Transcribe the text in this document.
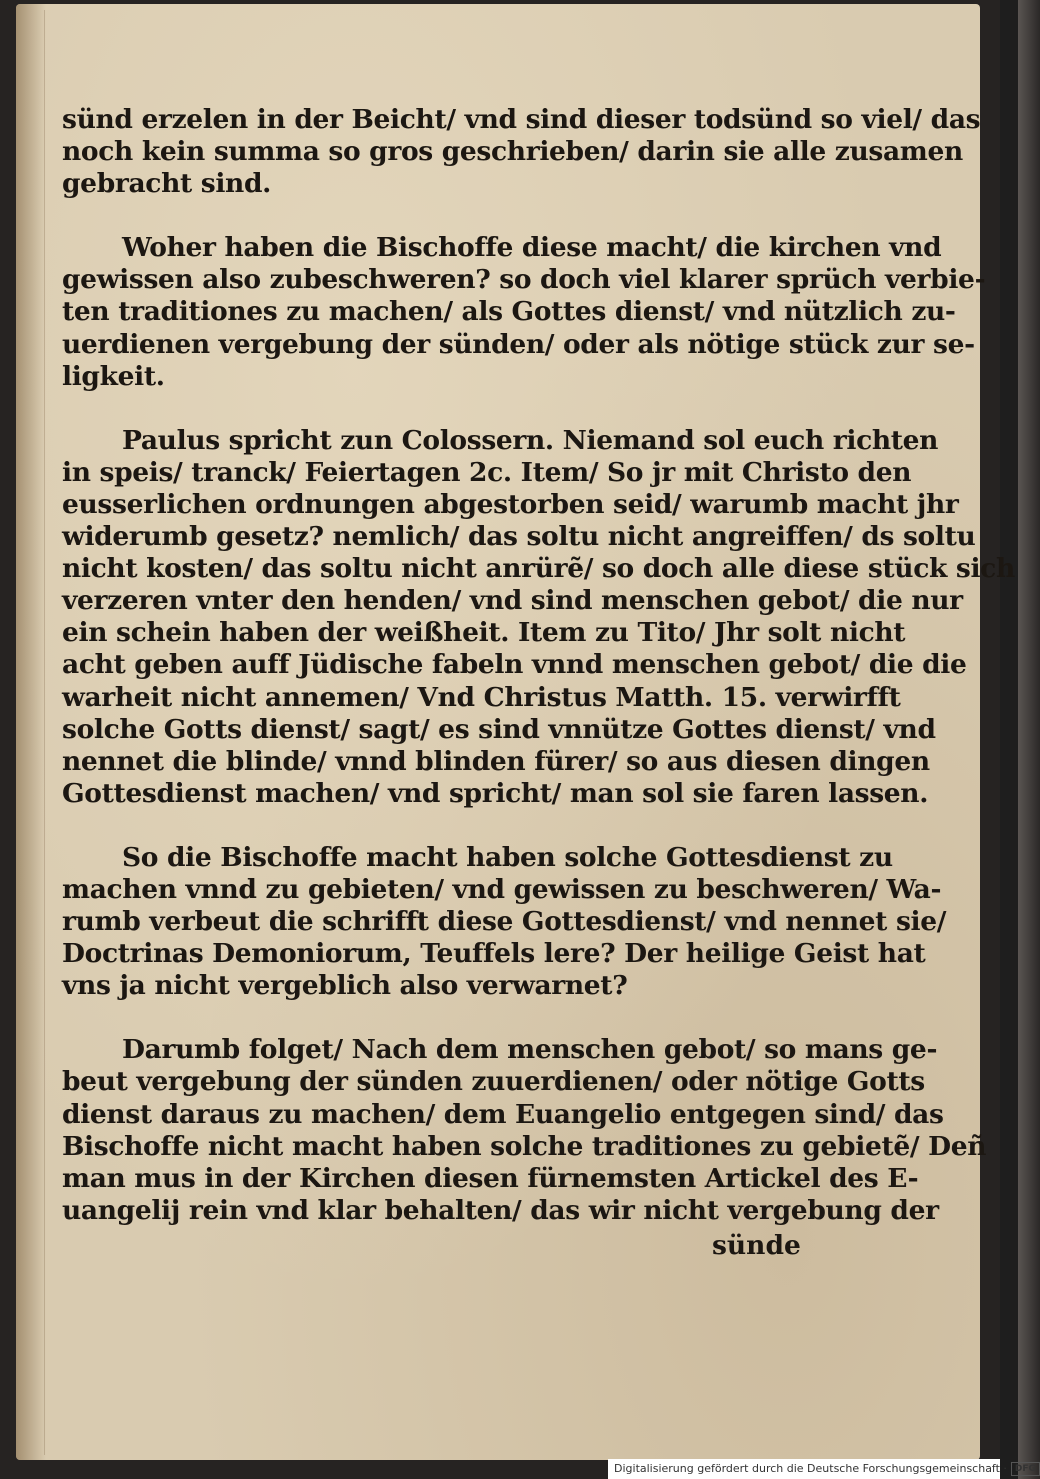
sünd erzelen in der Beicht/ vnd sind dieser todsünd so viel/ das
noch kein summa so gros geschrieben/ darin sie alle zusamen
gebracht sind.
Woher haben die Bischoffe diese macht/ die kirchen vnd
gewissen also zubeschweren? so doch viel klarer sprüch verbie-
ten traditiones zu machen/ als Gottes dienst/ vnd nützlich zu-
uerdienen vergebung der sünden/ oder als nötige stück zur se-
ligkeit.
Paulus spricht zun Colossern. Niemand sol euch richten
in speis/ tranck/ Feiertagen 2c. Item/ So jr mit Christo den
eusserlichen ordnungen abgestorben seid/ warumb macht jhr
widerumb gesetz? nemlich/ das soltu nicht angreiffen/ ds soltu
nicht kosten/ das soltu nicht anrürẽ/ so doch alle diese stück sich
verzeren vnter den henden/ vnd sind menschen gebot/ die nur
ein schein haben der weißheit. Item zu Tito/ Jhr solt nicht
acht geben auff Jüdische fabeln vnnd menschen gebot/ die die
warheit nicht annemen/ Vnd Christus Matth. 15. verwirfft
solche Gotts dienst/ sagt/ es sind vnnütze Gottes dienst/ vnd
nennet die blinde/ vnnd blinden fürer/ so aus diesen dingen
Gottesdienst machen/ vnd spricht/ man sol sie faren lassen.
So die Bischoffe macht haben solche Gottesdienst zu
machen vnnd zu gebieten/ vnd gewissen zu beschweren/ Wa-
rumb verbeut die schrifft diese Gottesdienst/ vnd nennet sie/
Doctrinas Demoniorum, Teuffels lere? Der heilige Geist hat
vns ja nicht vergeblich also verwarnet?
Darumb folget/ Nach dem menschen gebot/ so mans ge-
beut vergebung der sünden zuuerdienen/ oder nötige Gotts
dienst daraus zu machen/ dem Euangelio entgegen sind/ das
Bischoffe nicht macht haben solche traditiones zu gebietẽ/ Deñ
man mus in der Kirchen diesen fürnemsten Artickel des E-
uangelij rein vnd klar behalten/ das wir nicht vergebung der
sünde
Digitalisierung gefördert durch die Deutsche Forschungsgemeinschaft · DFG
